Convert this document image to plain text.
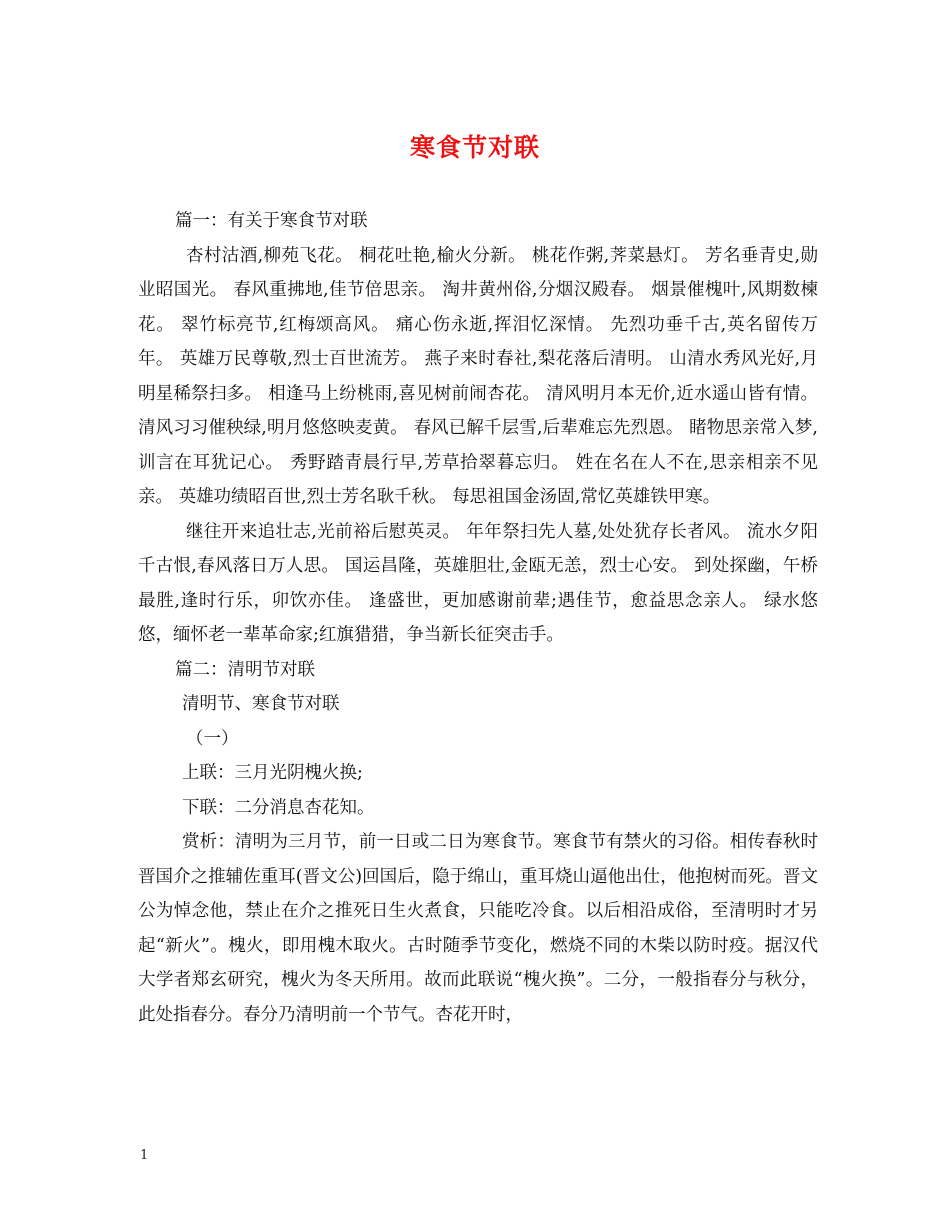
寒食节对联

篇一：有关于寒食节对联

杏村沽酒,柳苑飞花。 桐花吐艳,榆火分新。 桃花作粥,荠菜悬灯。 芳名垂青史,勋业昭国光。 春风重拂地,佳节倍思亲。 淘井黄州俗,分烟汉殿春。 烟景催槐叶,风期数楝花。 翠竹标亮节,红梅颂高风。 痛心伤永逝,挥泪忆深情。 先烈功垂千古,英名留传万年。 英雄万民尊敬,烈士百世流芳。 燕子来时春社,梨花落后清明。 山清水秀风光好,月明星稀祭扫多。 相逢马上纷桃雨,喜见树前闹杏花。 清风明月本无价,近水遥山皆有情。 清风习习催秧绿,明月悠悠映麦黄。 春风已解千层雪,后辈难忘先烈恩。 睹物思亲常入梦,训言在耳犹记心。 秀野踏青晨行早,芳草拾翠暮忘归。 姓在名在人不在,思亲相亲不见亲。 英雄功绩昭百世,烈士芳名耿千秋。 每思祖国金汤固,常忆英雄铁甲寒。

继往开来追壮志,光前裕后慰英灵。 年年祭扫先人墓,处处犹存长者风。 流水夕阳千古恨,春风落日万人思。 国运昌隆，英雄胆壮,金瓯无恙，烈士心安。 到处探幽，午桥最胜,逢时行乐，卯饮亦佳。 逢盛世，更加感谢前辈;遇佳节，愈益思念亲人。 绿水悠悠，缅怀老一辈革命家;红旗猎猎，争当新长征突击手。

篇二：清明节对联

清明节、寒食节对联

（一）

上联：三月光阴槐火换;

下联：二分消息杏花知。

赏析：清明为三月节，前一日或二日为寒食节。寒食节有禁火的习俗。相传春秋时晋国介之推辅佐重耳(晋文公)回国后，隐于绵山，重耳烧山逼他出仕，他抱树而死。晋文公为悼念他，禁止在介之推死日生火煮食，只能吃冷食。以后相沿成俗，至清明时才另起“新火”。槐火，即用槐木取火。古时随季节变化，燃烧不同的木柴以防时疫。据汉代大学者郑玄研究，槐火为冬天所用。故而此联说“槐火换”。二分，一般指春分与秋分，此处指春分。春分乃清明前一个节气。杏花开时，

1
